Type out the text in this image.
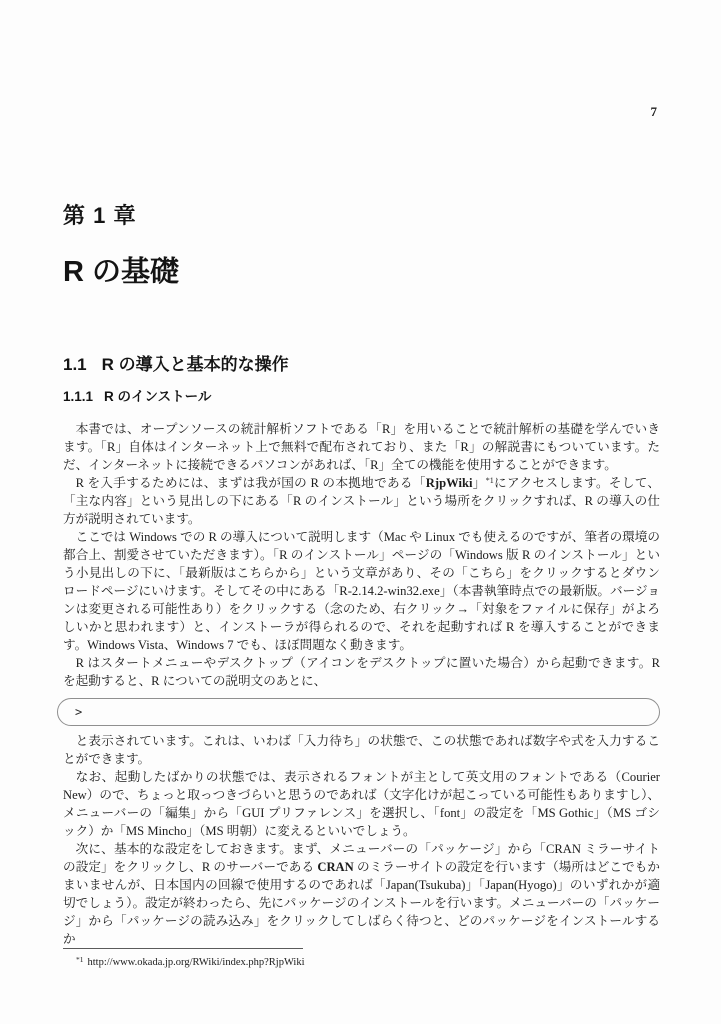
7
第 1 章
R の基礎
1.1 R の導入と基本的な操作
1.1.1 R のインストール

本書では、オープンソースの統計解析ソフトである「R」を用いることで統計解析の基礎を学んでいきます。「R」自体はインターネット上で無料で配布されており、また「R」の解説書にもついています。ただ、インターネットに接続できるパソコンがあれば、「R」全ての機能を使用することができます。

R を入手するためには、まずは我が国の R の本拠地である「RjpWiki」$^{*1}$にアクセスします。そして、「主な内容」という見出しの下にある「R のインストール」という場所をクリックすれば、R の導入の仕方が説明されています。

ここでは Windows での R の導入について説明します（Mac や Linux でも使えるのですが、筆者の環境の都合上、割愛させていただきます）。「R のインストール」ページの「Windows 版 R のインストール」という小見出しの下に、「最新版はこちらから」という文章があり、その「こちら」をクリックするとダウンロードページにいけます。そしてその中にある「R-2.14.2-win32.exe」（本書執筆時点での最新版。バージョンは変更される可能性あり）をクリックする（念のため、右クリック→「対象をファイルに保存」がよろしいかと思われます）と、インストーラが得られるので、それを起動すれば R を導入することができます。Windows Vista、Windows 7 でも、ほぼ問題なく動きます。

R はスタートメニューやデスクトップ（アイコンをデスクトップに置いた場合）から起動できます。R を起動すると、R についての説明文のあとに、

>

と表示されています。これは、いわば「入力待ち」の状態で、この状態であれば数字や式を入力することができます。

なお、起動したばかりの状態では、表示されるフォントが主として英文用のフォントである（Courier New）ので、ちょっと取っつきづらいと思うのであれば（文字化けが起こっている可能性もありますし）、メニューバーの「編集」から「GUI プリファレンス」を選択し、「font」の設定を「MS Gothic」（MS ゴシック）か「MS Mincho」（MS 明朝）に変えるといいでしょう。

次に、基本的な設定をしておきます。まず、メニューバーの「パッケージ」から「CRAN ミラーサイトの設定」をクリックし、R のサーバーである CRAN のミラーサイトの設定を行います（場所はどこでもかまいませんが、日本国内の回線で使用するのであれば「Japan(Tsukuba)」「Japan(Hyogo)」のいずれかが適切でしょう）。設定が終わったら、先にパッケージのインストールを行います。メニューバーの「パッケージ」から「パッケージの読み込み」をクリックしてしばらく待つと、どのパッケージをインストールするか

$^{*1}$ http://www.okada.jp.org/RWiki/index.php?RjpWiki
